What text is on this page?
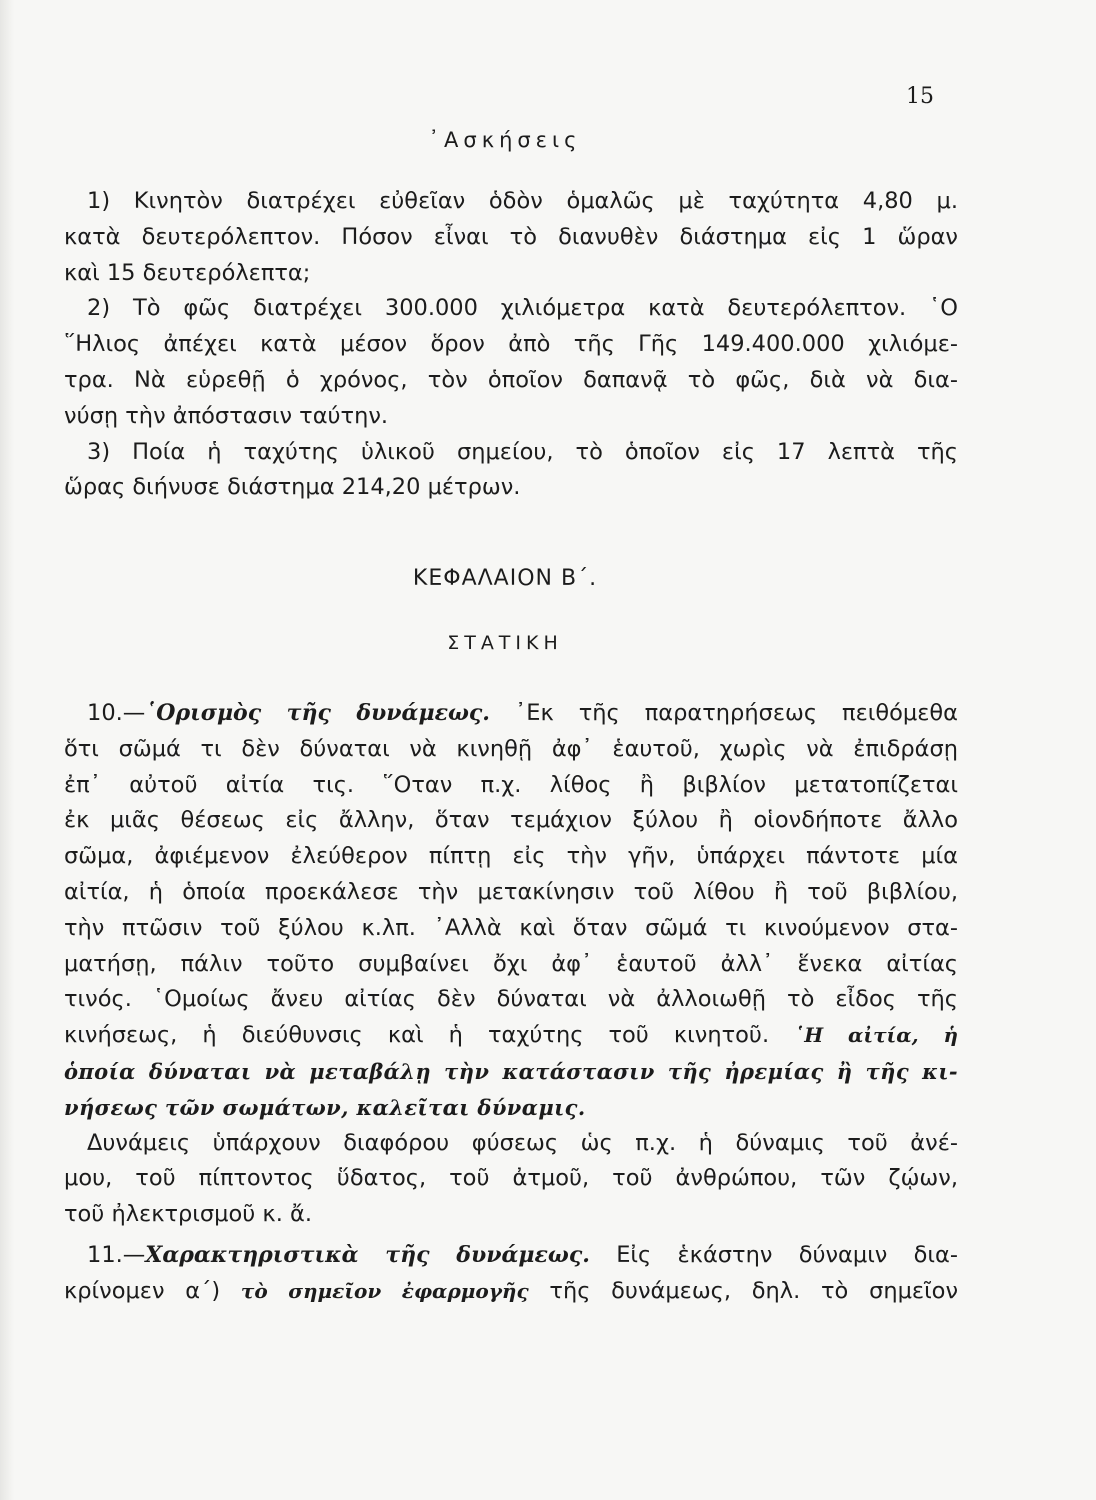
15
᾿Ασκήσεις
1) Κινητὸν διατρέχει εὐθεῖαν ὁδὸν ὁμαλῶς μὲ ταχύτητα 4,80 μ.
κατὰ δευτερόλεπτον. Πόσον εἶναι τὸ διανυθὲν διάστημα εἰς 1 ὥραν
καὶ 15 δευτερόλεπτα;
2) Τὸ φῶς διατρέχει 300.000 χιλιόμετρα κατὰ δευτερόλεπτον. ῾Ο
῞Ηλιος ἀπέχει κατὰ μέσον ὅρον ἀπὸ τῆς Γῆς 149.400.000 χιλιόμε-
τρα. Νὰ εὑρεθῇ ὁ χρόνος, τὸν ὁποῖον δαπανᾷ τὸ φῶς, διὰ νὰ δια-
νύσῃ τὴν ἀπόστασιν ταύτην.
3) Ποία ἡ ταχύτης ὑλικοῦ σημείου, τὸ ὁποῖον εἰς 17 λεπτὰ τῆς
ὥρας διήνυσε διάστημα 214,20 μέτρων.
ΚΕΦΑΛΑΙΟΝ Β΄.
ΣΤΑΤΙΚΗ
10.—῾Ορισμὸς τῆς δυνάμεως. ᾿Εκ τῆς παρατηρήσεως πειθόμεθα
ὅτι σῶμά τι δὲν δύναται νὰ κινηθῇ ἀφ᾿ ἑαυτοῦ, χωρὶς νὰ ἐπιδράσῃ
ἐπ᾿ αὐτοῦ αἰτία τις. ῞Οταν π.χ. λίθος ἢ βιβλίον μετατοπίζεται
ἐκ μιᾶς θέσεως εἰς ἄλλην, ὅταν τεμάχιον ξύλου ἢ οἱονδήποτε ἄλλο
σῶμα, ἀφιέμενον ἐλεύθερον πίπτῃ εἰς τὴν γῆν, ὑπάρχει πάντοτε μία
αἰτία, ἡ ὁποία προεκάλεσε τὴν μετακίνησιν τοῦ λίθου ἢ τοῦ βιβλίου,
τὴν πτῶσιν τοῦ ξύλου κ.λπ. ᾿Αλλὰ καὶ ὅταν σῶμά τι κινούμενον στα-
ματήσῃ, πάλιν τοῦτο συμβαίνει ὄχι ἀφ᾿ ἑαυτοῦ ἀλλ᾿ ἕνεκα αἰτίας
τινός. ῾Ομοίως ἄνευ αἰτίας δὲν δύναται νὰ ἀλλοιωθῇ τὸ εἶδος τῆς
κινήσεως, ἡ διεύθυνσις καὶ ἡ ταχύτης τοῦ κινητοῦ. ῾Η αἰτία, ἡ
ὁποία δύναται νὰ μεταβάλῃ τὴν κατάστασιν τῆς ἠρεμίας ἢ τῆς κι-
νήσεως τῶν σωμάτων, καλεῖται δύναμις.
Δυνάμεις ὑπάρχουν διαφόρου φύσεως ὡς π.χ. ἡ δύναμις τοῦ ἀνέ-
μου, τοῦ πίπτοντος ὕδατος, τοῦ ἀτμοῦ, τοῦ ἀνθρώπου, τῶν ζῴων,
τοῦ ἠλεκτρισμοῦ κ. ἄ.
11.—Χαρακτηριστικὰ τῆς δυνάμεως. Εἰς ἑκάστην δύναμιν δια-
κρίνομεν α΄) τὸ σημεῖον ἐφαρμογῆς τῆς δυνάμεως, δηλ. τὸ σημεῖον
